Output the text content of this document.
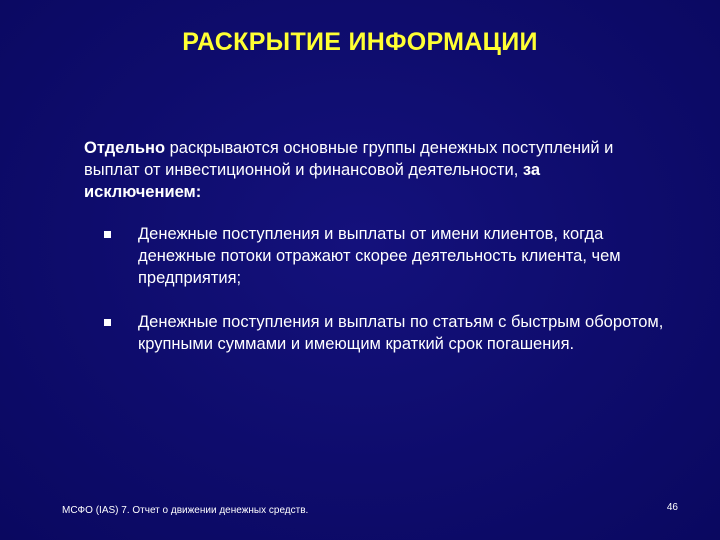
РАСКРЫТИЕ ИНФОРМАЦИИ
Отдельно раскрываются основные группы денежных поступлений и выплат от инвестиционной и финансовой деятельности, за исключением:
Денежные поступления и выплаты от имени клиентов, когда денежные потоки отражают скорее деятельность клиента, чем предприятия;
Денежные поступления и выплаты по статьям с быстрым оборотом, крупными суммами и имеющим краткий срок погашения.
МСФО (IAS) 7. Отчет о движении денежных средств.	46
